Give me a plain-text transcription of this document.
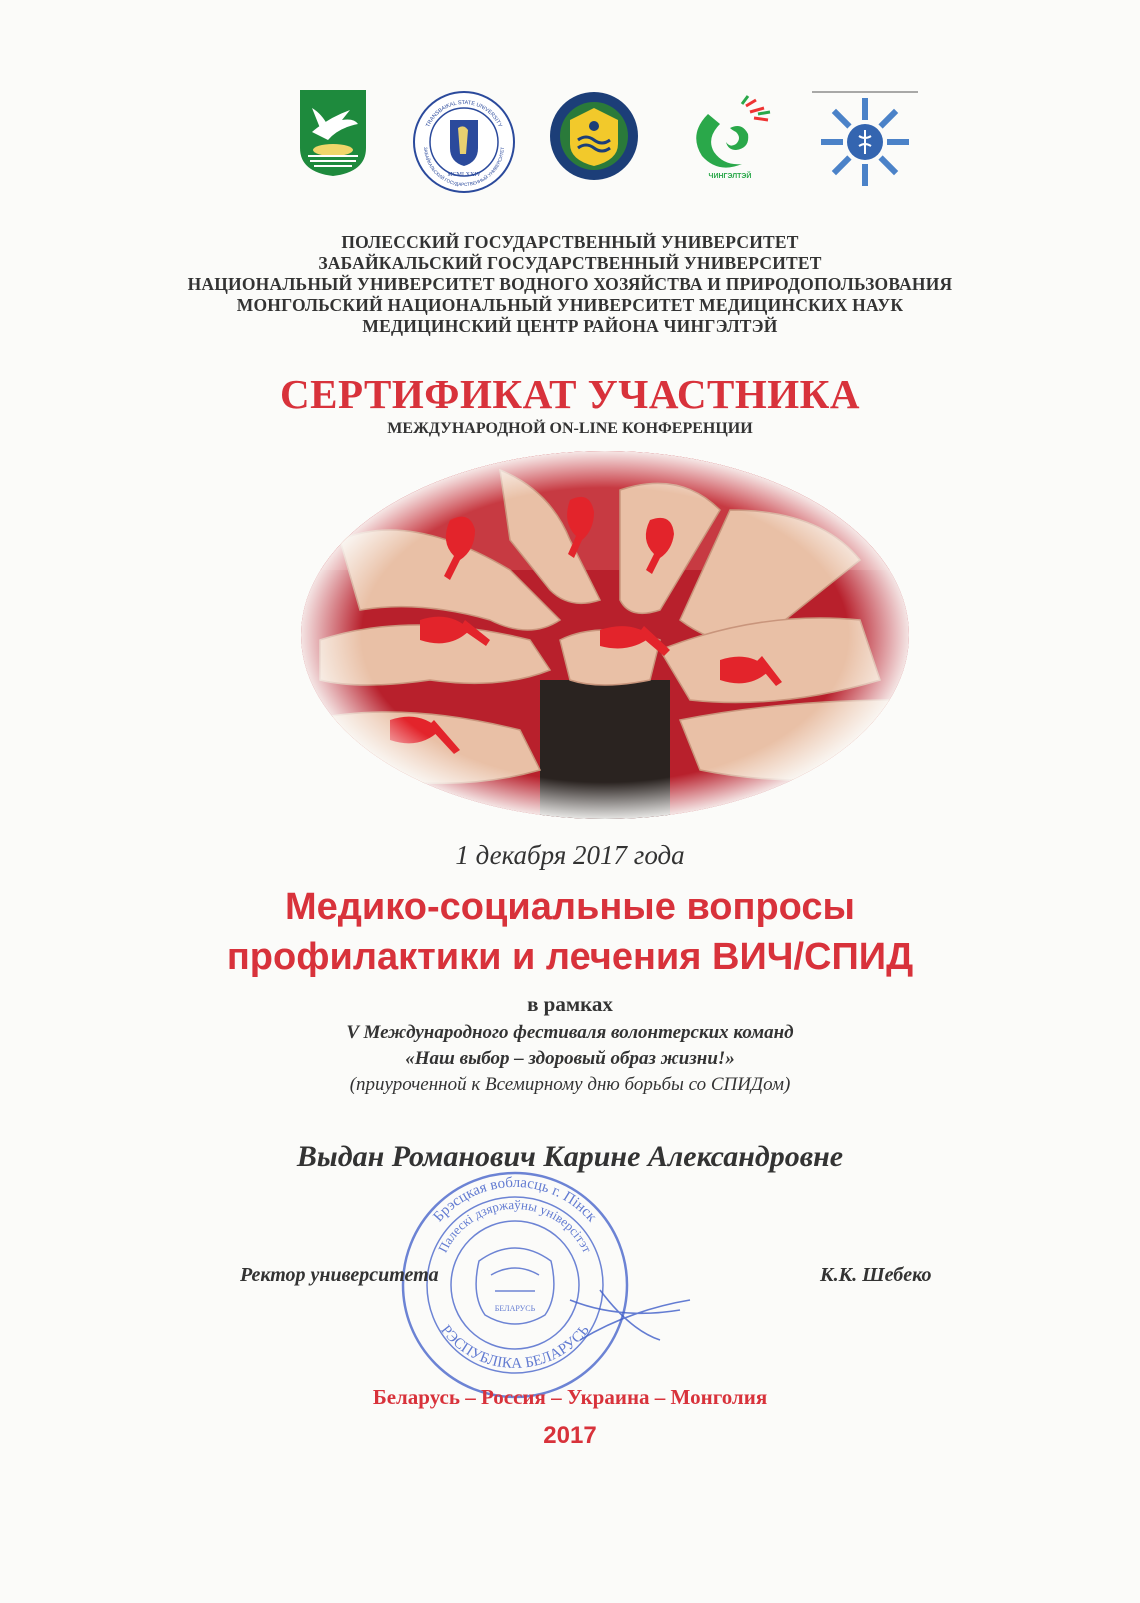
MCMLXXIV
TRANSBAIKAL STATE UNIVERSITY
ЗАБАЙКАЛЬСКИЙ ГОСУДАРСТВЕННЫЙ УНИВЕРСИТЕТ
ЧИНГЭЛТЭЙ
ПОЛЕССКИЙ ГОСУДАРСТВЕННЫЙ УНИВЕРСИТЕТ
ЗАБАЙКАЛЬСКИЙ ГОСУДАРСТВЕННЫЙ УНИВЕРСИТЕТ
НАЦИОНАЛЬНЫЙ УНИВЕРСИТЕТ ВОДНОГО ХОЗЯЙСТВА И ПРИРОДОПОЛЬЗОВАНИЯ
МОНГОЛЬСКИЙ НАЦИОНАЛЬНЫЙ УНИВЕРСИТЕТ МЕДИЦИНСКИХ НАУК
МЕДИЦИНСКИЙ ЦЕНТР РАЙОНА ЧИНГЭЛТЭЙ
СЕРТИФИКАТ УЧАСТНИКА
МЕЖДУНАРОДНОЙ ON-LINE КОНФЕРЕНЦИИ
1 декабря 2017 года
Медико-социальные вопросы
профилактики и лечения ВИЧ/СПИД
в рамках
V Международного фестиваля волонтерских команд
«Наш выбор – здоровый образ жизни!»
(приуроченной к Всемирному дню борьбы со СПИДом)
Выдан Романович Карине Александровне
Брэсцкая вобласць г. Пінск
Палескі дзяржаўны універсітэт
РЭСПУБЛІКА БЕЛАРУСЬ
БЕЛАРУСЬ
Ректор университета	К.К. Шебеко
Беларусь – Россия – Украина – Монголия
2017
